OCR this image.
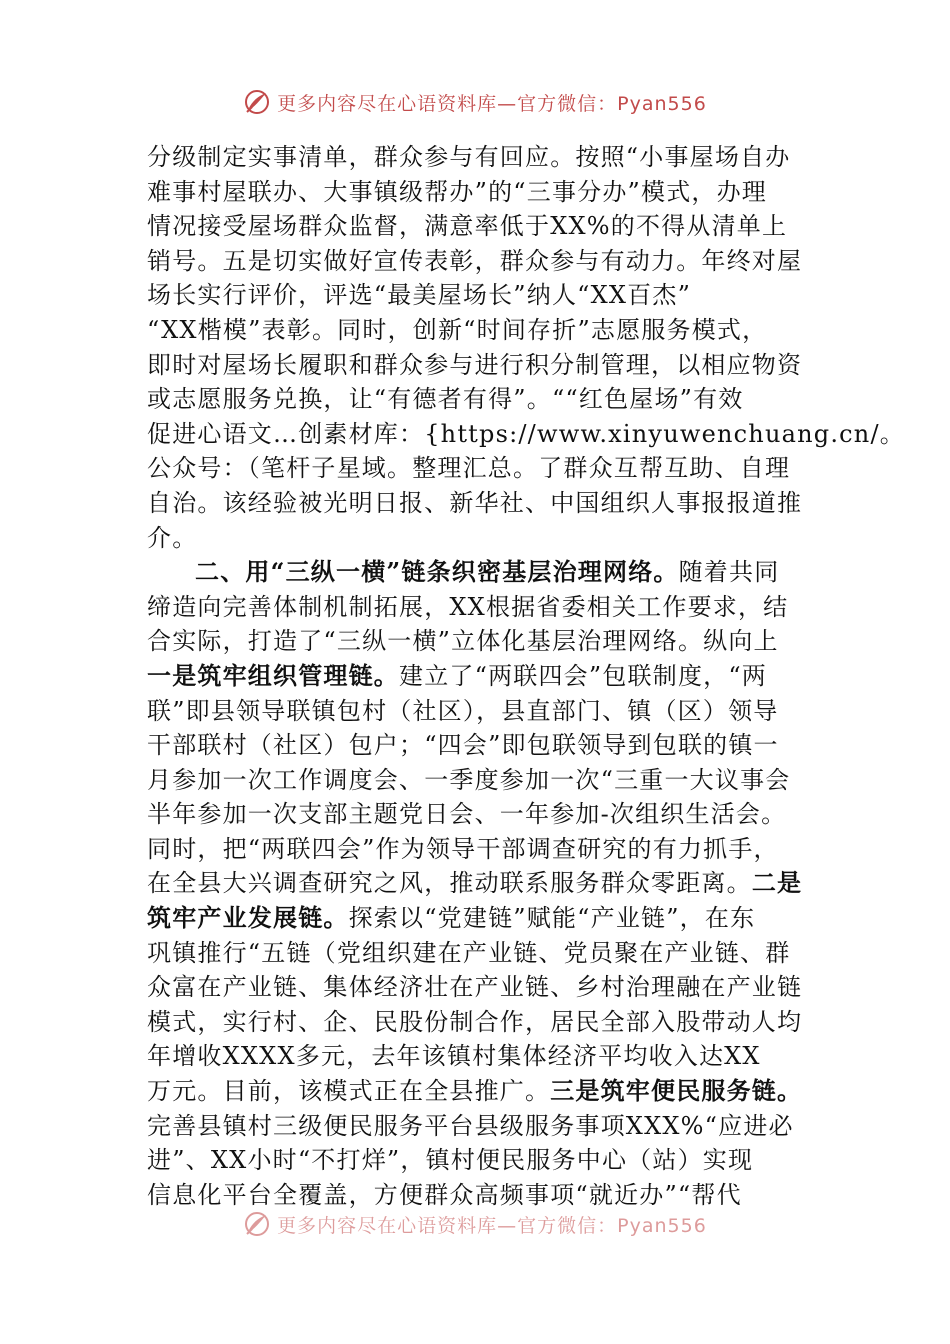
更多内容尽在心语资料库—官方微信：Pyan556
分级制定实事清单，群众参与有回应。按照“小事屋场自办
难事村屋联办、大事镇级帮办”的“三事分办”模式，办理
情况接受屋场群众监督，满意率低于XX%的不得从清单上
销号。五是切实做好宣传表彰，群众参与有动力。年终对屋
场长实行评价，评选“最美屋场长”纳人“XX百杰”
“XX楷模”表彰。同时，创新“时间存折”志愿服务模式，
即时对屋场长履职和群众参与进行积分制管理，以相应物资
或志愿服务兑换，让“有德者有得”。““红色屋场”有效
促进心语文…创素材库：{https://www.xinyuwenchuang.cn/。
公众号：（笔杆子星域。整理汇总。了群众互帮互助、自理
自治。该经验被光明日报、新华社、中国组织人事报报道推
介。
二、用“三纵一横”链条织密基层治理网络。随着共同
缔造向完善体制机制拓展，XX根据省委相关工作要求，结
合实际，打造了“三纵一横”立体化基层治理网络。纵向上
一是筑牢组织管理链。建立了“两联四会”包联制度，“两
联”即县领导联镇包村（社区），县直部门、镇（区）领导
干部联村（社区）包户；“四会”即包联领导到包联的镇一
月参加一次工作调度会、一季度参加一次“三重一大议事会
半年参加一次支部主题党日会、一年参加-次组织生活会。
同时，把“两联四会”作为领导干部调查研究的有力抓手，
在全县大兴调查研究之风，推动联系服务群众零距离。二是
筑牢产业发展链。探索以“党建链”赋能“产业链”，在东
巩镇推行“五链（党组织建在产业链、党员聚在产业链、群
众富在产业链、集体经济壮在产业链、乡村治理融在产业链
模式，实行村、企、民股份制合作，居民全部入股带动人均
年增收XXXX多元，去年该镇村集体经济平均收入达XX
万元。目前，该模式正在全县推广。三是筑牢便民服务链。
完善县镇村三级便民服务平台县级服务事项XXX%“应进必
进”、XX小时“不打烊”，镇村便民服务中心（站）实现
信息化平台全覆盖，方便群众高频事项“就近办”“帮代
更多内容尽在心语资料库—官方微信：Pyan556
